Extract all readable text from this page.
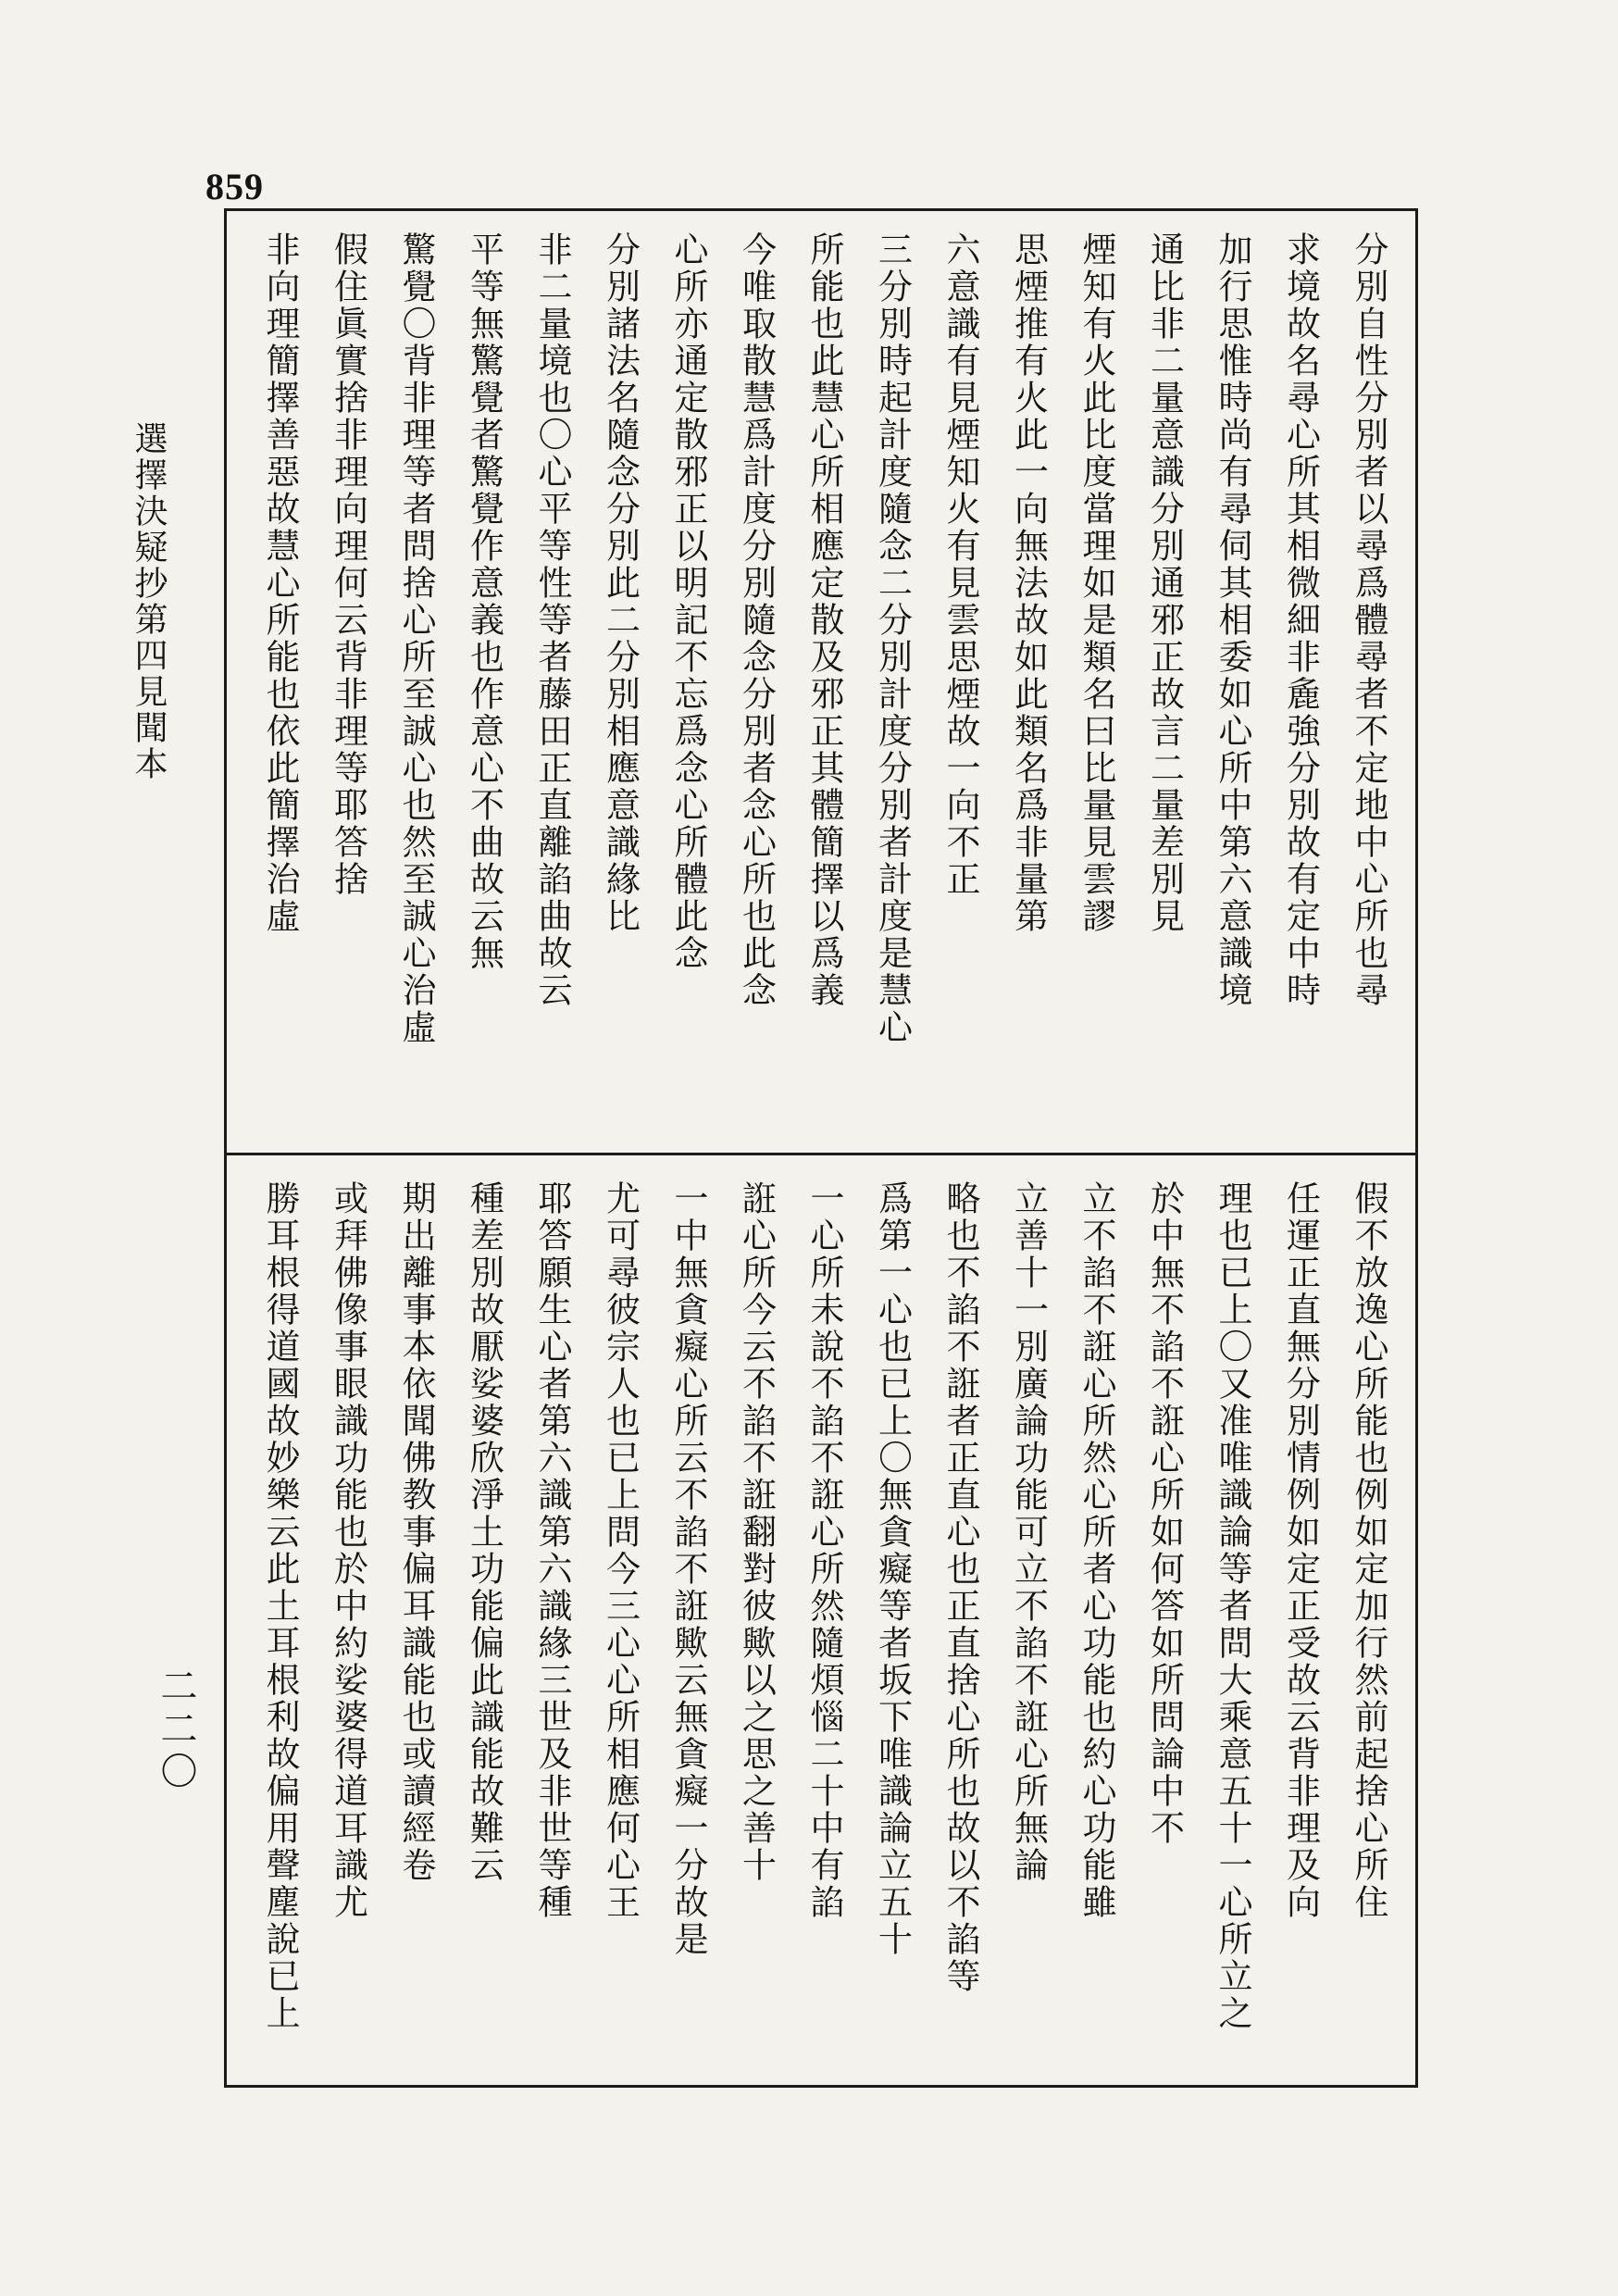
859
選擇決疑抄第四見聞本
二二〇
分別自性分別者以尋爲體尋者不定地中心所也尋
求境故名尋心所其相微細非麁強分別故有定中時
加行思惟時尚有尋伺其相委如心所中第六意識境
通比非二量意識分別通邪正故言二量差別見
煙知有火此比度當理如是類名曰比量見雲謬
思煙推有火此一向無法故如此類名爲非量第
六意識有見煙知火有見雲思煙故一向不正
三分別時起計度隨念二分別計度分別者計度是慧心
所能也此慧心所相應定散及邪正其體簡擇以爲義
今唯取散慧爲計度分別隨念分別者念心所也此念
心所亦通定散邪正以明記不忘爲念心所體此念
分別諸法名隨念分別此二分別相應意識緣比
非二量境也〇心平等性等者藤田正直離諂曲故云
平等無驚覺者驚覺作意義也作意心不曲故云無
驚覺〇背非理等者問捨心所至誠心也然至誠心治虛
假住眞實捨非理向理何云背非理等耶答捨
非向理簡擇善惡故慧心所能也依此簡擇治虛
假不放逸心所能也例如定加行然前起捨心所住
任運正直無分別情例如定正受故云背非理及向
理也已上〇又准唯識論等者問大乘意五十一心所立之
於中無不諂不誑心所如何答如所問論中不
立不諂不誑心所然心所者心功能也約心功能雖
立善十一別廣論功能可立不諂不誑心所無論
略也不諂不誑者正直心也正直捨心所也故以不諂等
爲第一心也已上〇無貪癡等者坂下唯識論立五十
一心所未說不諂不誑心所然隨煩惱二十中有諂
誑心所今云不諂不誑翻對彼歟以之思之善十
一中無貪癡心所云不諂不誑歟云無貪癡一分故是
尤可尋彼宗人也已上問今三心心所相應何心王
耶答願生心者第六識第六識緣三世及非世等種
種差別故厭娑婆欣淨土功能偏此識能故難云
期出離事本依聞佛教事偏耳識能也或讀經卷
或拜佛像事眼識功能也於中約娑婆得道耳識尤
勝耳根得道國故妙樂云此土耳根利故偏用聲塵說已上
